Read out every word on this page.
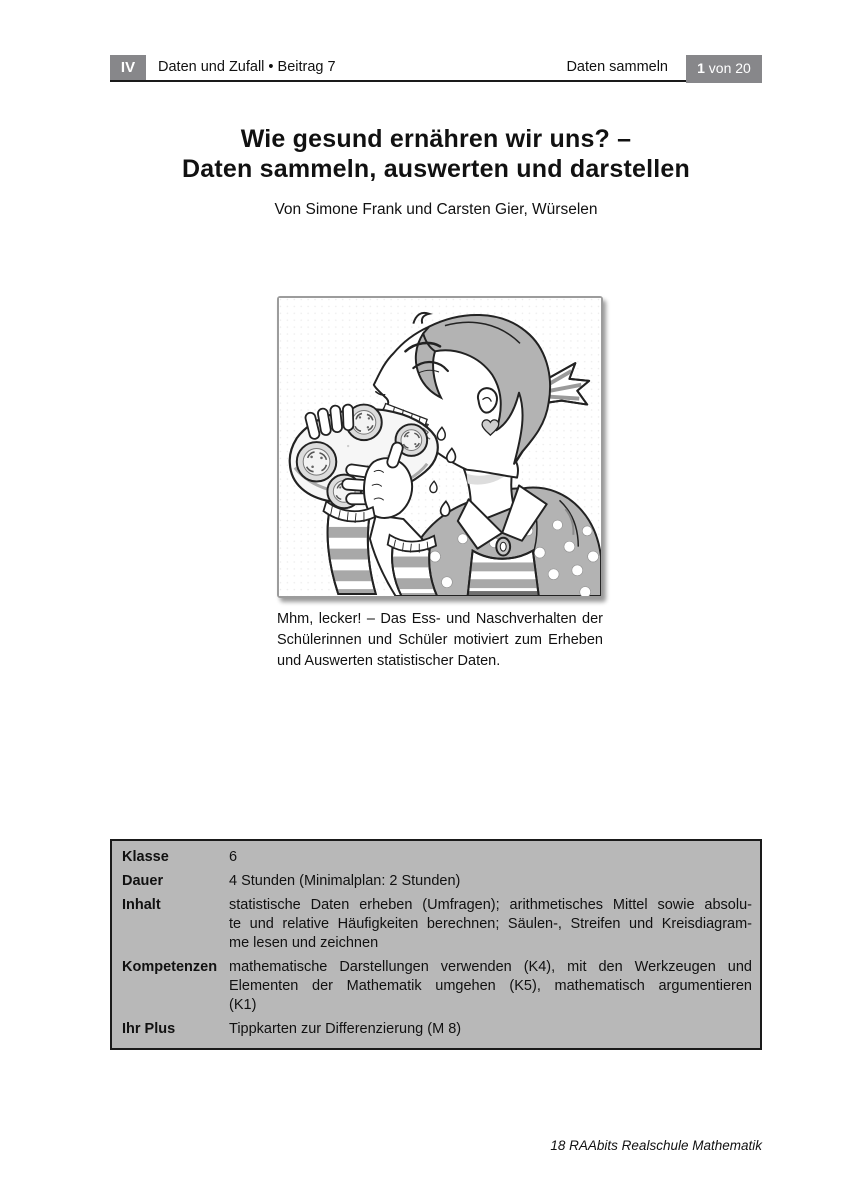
IV	Daten und Zufall • Beitrag 7	Daten sammeln	1 von 20
Wie gesund ernähren wir uns? –
Daten sammeln, auswerten und darstellen
Von Simone Frank und Carsten Gier, Würselen
Mhm, lecker! – Das Ess- und Naschverhalten der
Schülerinnen und Schüler motiviert zum Erheben
und Auswerten statistischer Daten.
Klasse	6
Dauer	4 Stunden (Minimalplan: 2 Stunden)
Inhalt	statistische Daten erheben (Umfragen); arithmetisches Mittel sowie absolu-
te und relative Häufigkeiten berechnen; Säulen-, Streifen und Kreisdiagram-
me lesen und zeichnen
Kompetenzen mathematische Darstellungen verwenden (K4), mit den Werkzeugen und
Elementen der Mathematik umgehen (K5), mathematisch argumentieren
(K1)
Ihr Plus	Tippkarten zur Differenzierung (M 8)
18 RAAbits Realschule Mathematik
